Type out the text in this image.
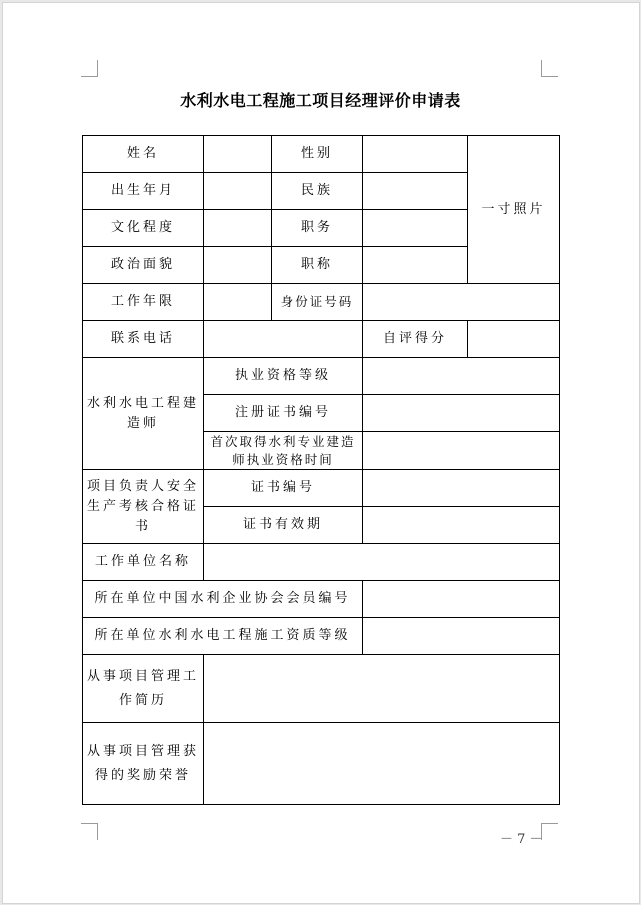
水利水电工程施工项目经理评价申请表
姓名		性别		一寸照片
出生年月		民族		
文化程度		职务		
政治面貌		职称		
工作年限		身份证号码		
联系电话			自评得分	
水利水电工程建造师	执业资格等级			
	注册证书编号			
	首次取得水利专业建造师执业资格时间			
项目负责人安全生产考核合格证书	证书编号			
	证书有效期			
工作单位名称				
所在单位中国水利企业协会会员编号				
所在单位水利水电工程施工资质等级				
从事项目管理工作简历				
从事项目管理获得的奖励荣誉				
－ 7 －
